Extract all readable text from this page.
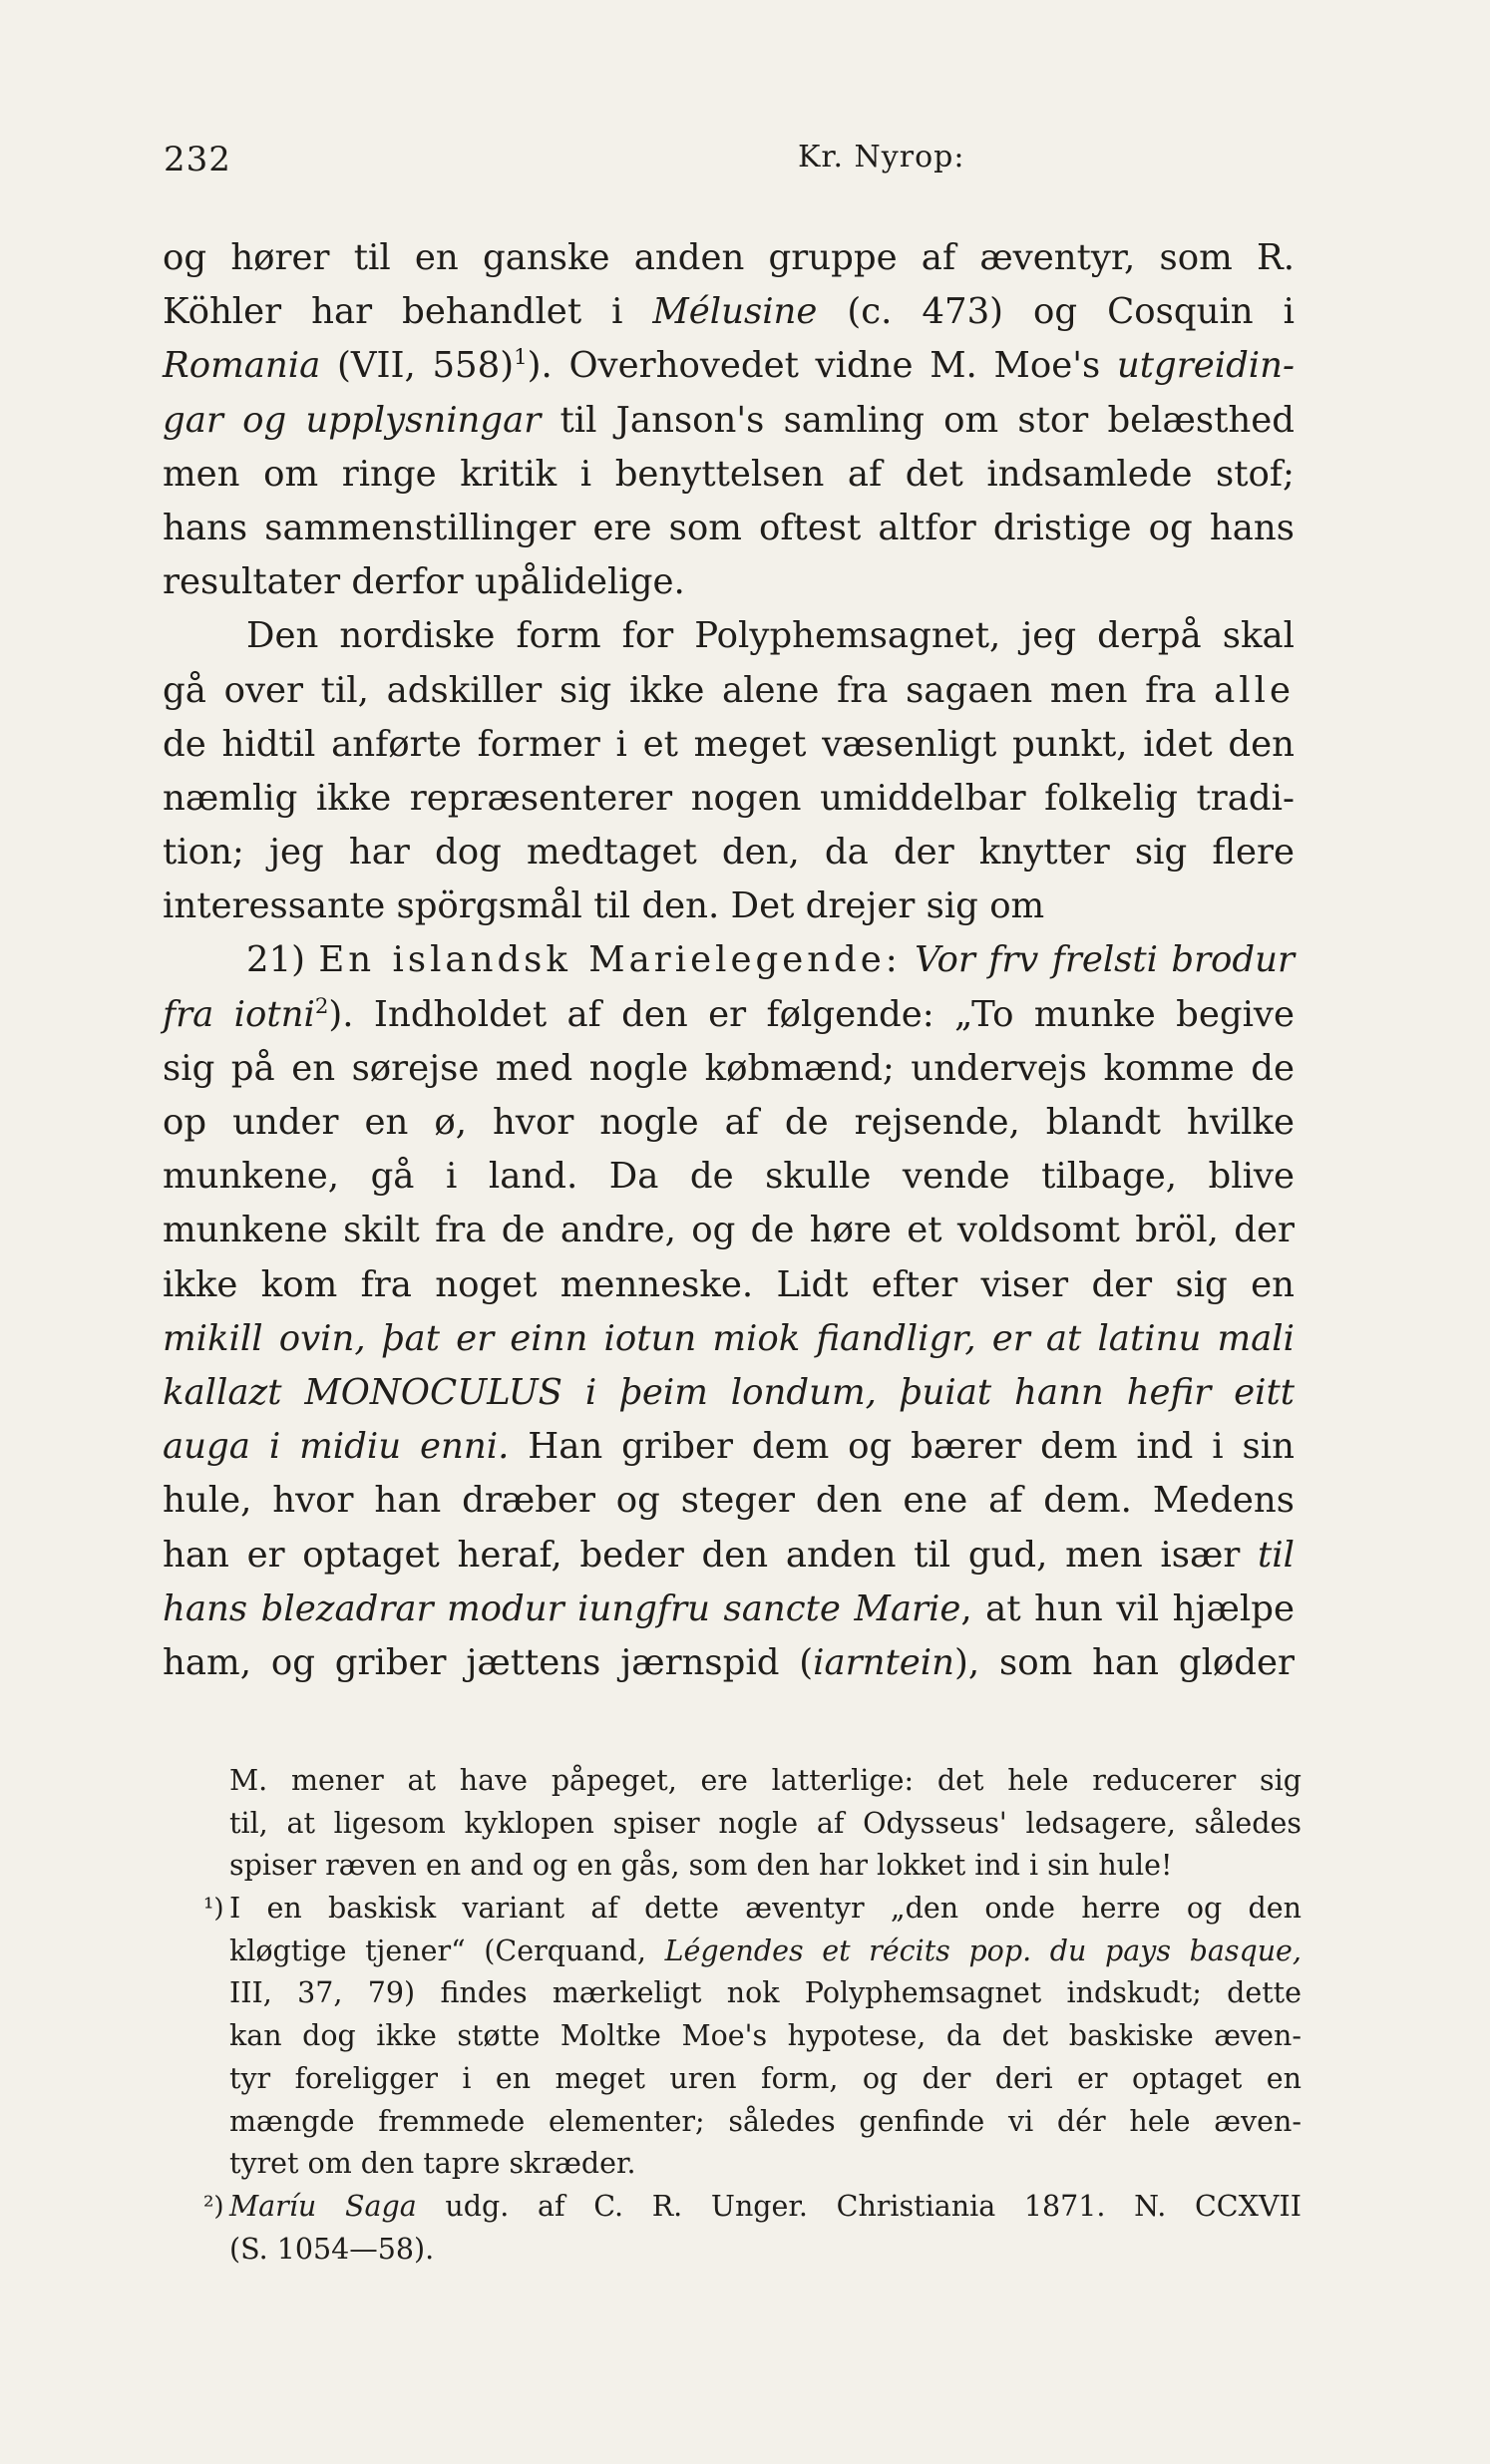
232	Kr. Nyrop:
og hører til en ganske anden gruppe af æventyr, som R.
Köhler har behandlet i Mélusine (c. 473) og Cosquin i
Romania (VII, 558)$^1$). Overhovedet vidne M. Moe's utgreidin-
gar og upplysningar til Janson's samling om stor belæsthed
men om ringe kritik i benyttelsen af det indsamlede stof;
hans sammenstillinger ere som oftest altfor dristige og hans
resultater derfor upålidelige.
Den nordiske form for Polyphemsagnet, jeg derpå skal
gå over til, adskiller sig ikke alene fra sagaen men fra alle
de hidtil anførte former i et meget væsenligt punkt, idet den
næmlig ikke repræsenterer nogen umiddelbar folkelig tradi-
tion; jeg har dog medtaget den, da der knytter sig flere
interessante spörgsmål til den. Det drejer sig om
21) En islandsk Marielegende: Vor frv frelsti brodur
fra iotni$^2$). Indholdet af den er følgende: „To munke begive
sig på en sørejse med nogle købmænd; undervejs komme de
op under en ø, hvor nogle af de rejsende, blandt hvilke
munkene, gå i land. Da de skulle vende tilbage, blive
munkene skilt fra de andre, og de høre et voldsomt bröl, der
ikke kom fra noget menneske. Lidt efter viser der sig en
mikill ovin, þat er einn iotun miok fiandligr, er at latinu mali
kallazt MONOCULUS i þeim londum, þuiat hann hefir eitt
auga i midiu enni. Han griber dem og bærer dem ind i sin
hule, hvor han dræber og steger den ene af dem. Medens
han er optaget heraf, beder den anden til gud, men især til
hans blezadrar modur iungfru sancte Marie, at hun vil hjælpe
ham, og griber jættens jærnspid (iarntein), som han gløder
M. mener at have påpeget, ere latterlige: det hele reducerer sig
til, at ligesom kyklopen spiser nogle af Odysseus' ledsagere, således
spiser ræven en and og en gås, som den har lokket ind i sin hule!
¹) I en baskisk variant af dette æventyr „den onde herre og den
kløgtige tjener“ (Cerquand, Légendes et récits pop. du pays basque,
III, 37, 79) findes mærkeligt nok Polyphemsagnet indskudt; dette
kan dog ikke støtte Moltke Moe's hypotese, da det baskiske æven-
tyr foreligger i en meget uren form, og der deri er optaget en
mængde fremmede elementer; således genfinde vi dér hele æven-
tyret om den tapre skræder.
²) Maríu Saga udg. af C. R. Unger. Christiania 1871. N. CCXVII
(S. 1054—58).
